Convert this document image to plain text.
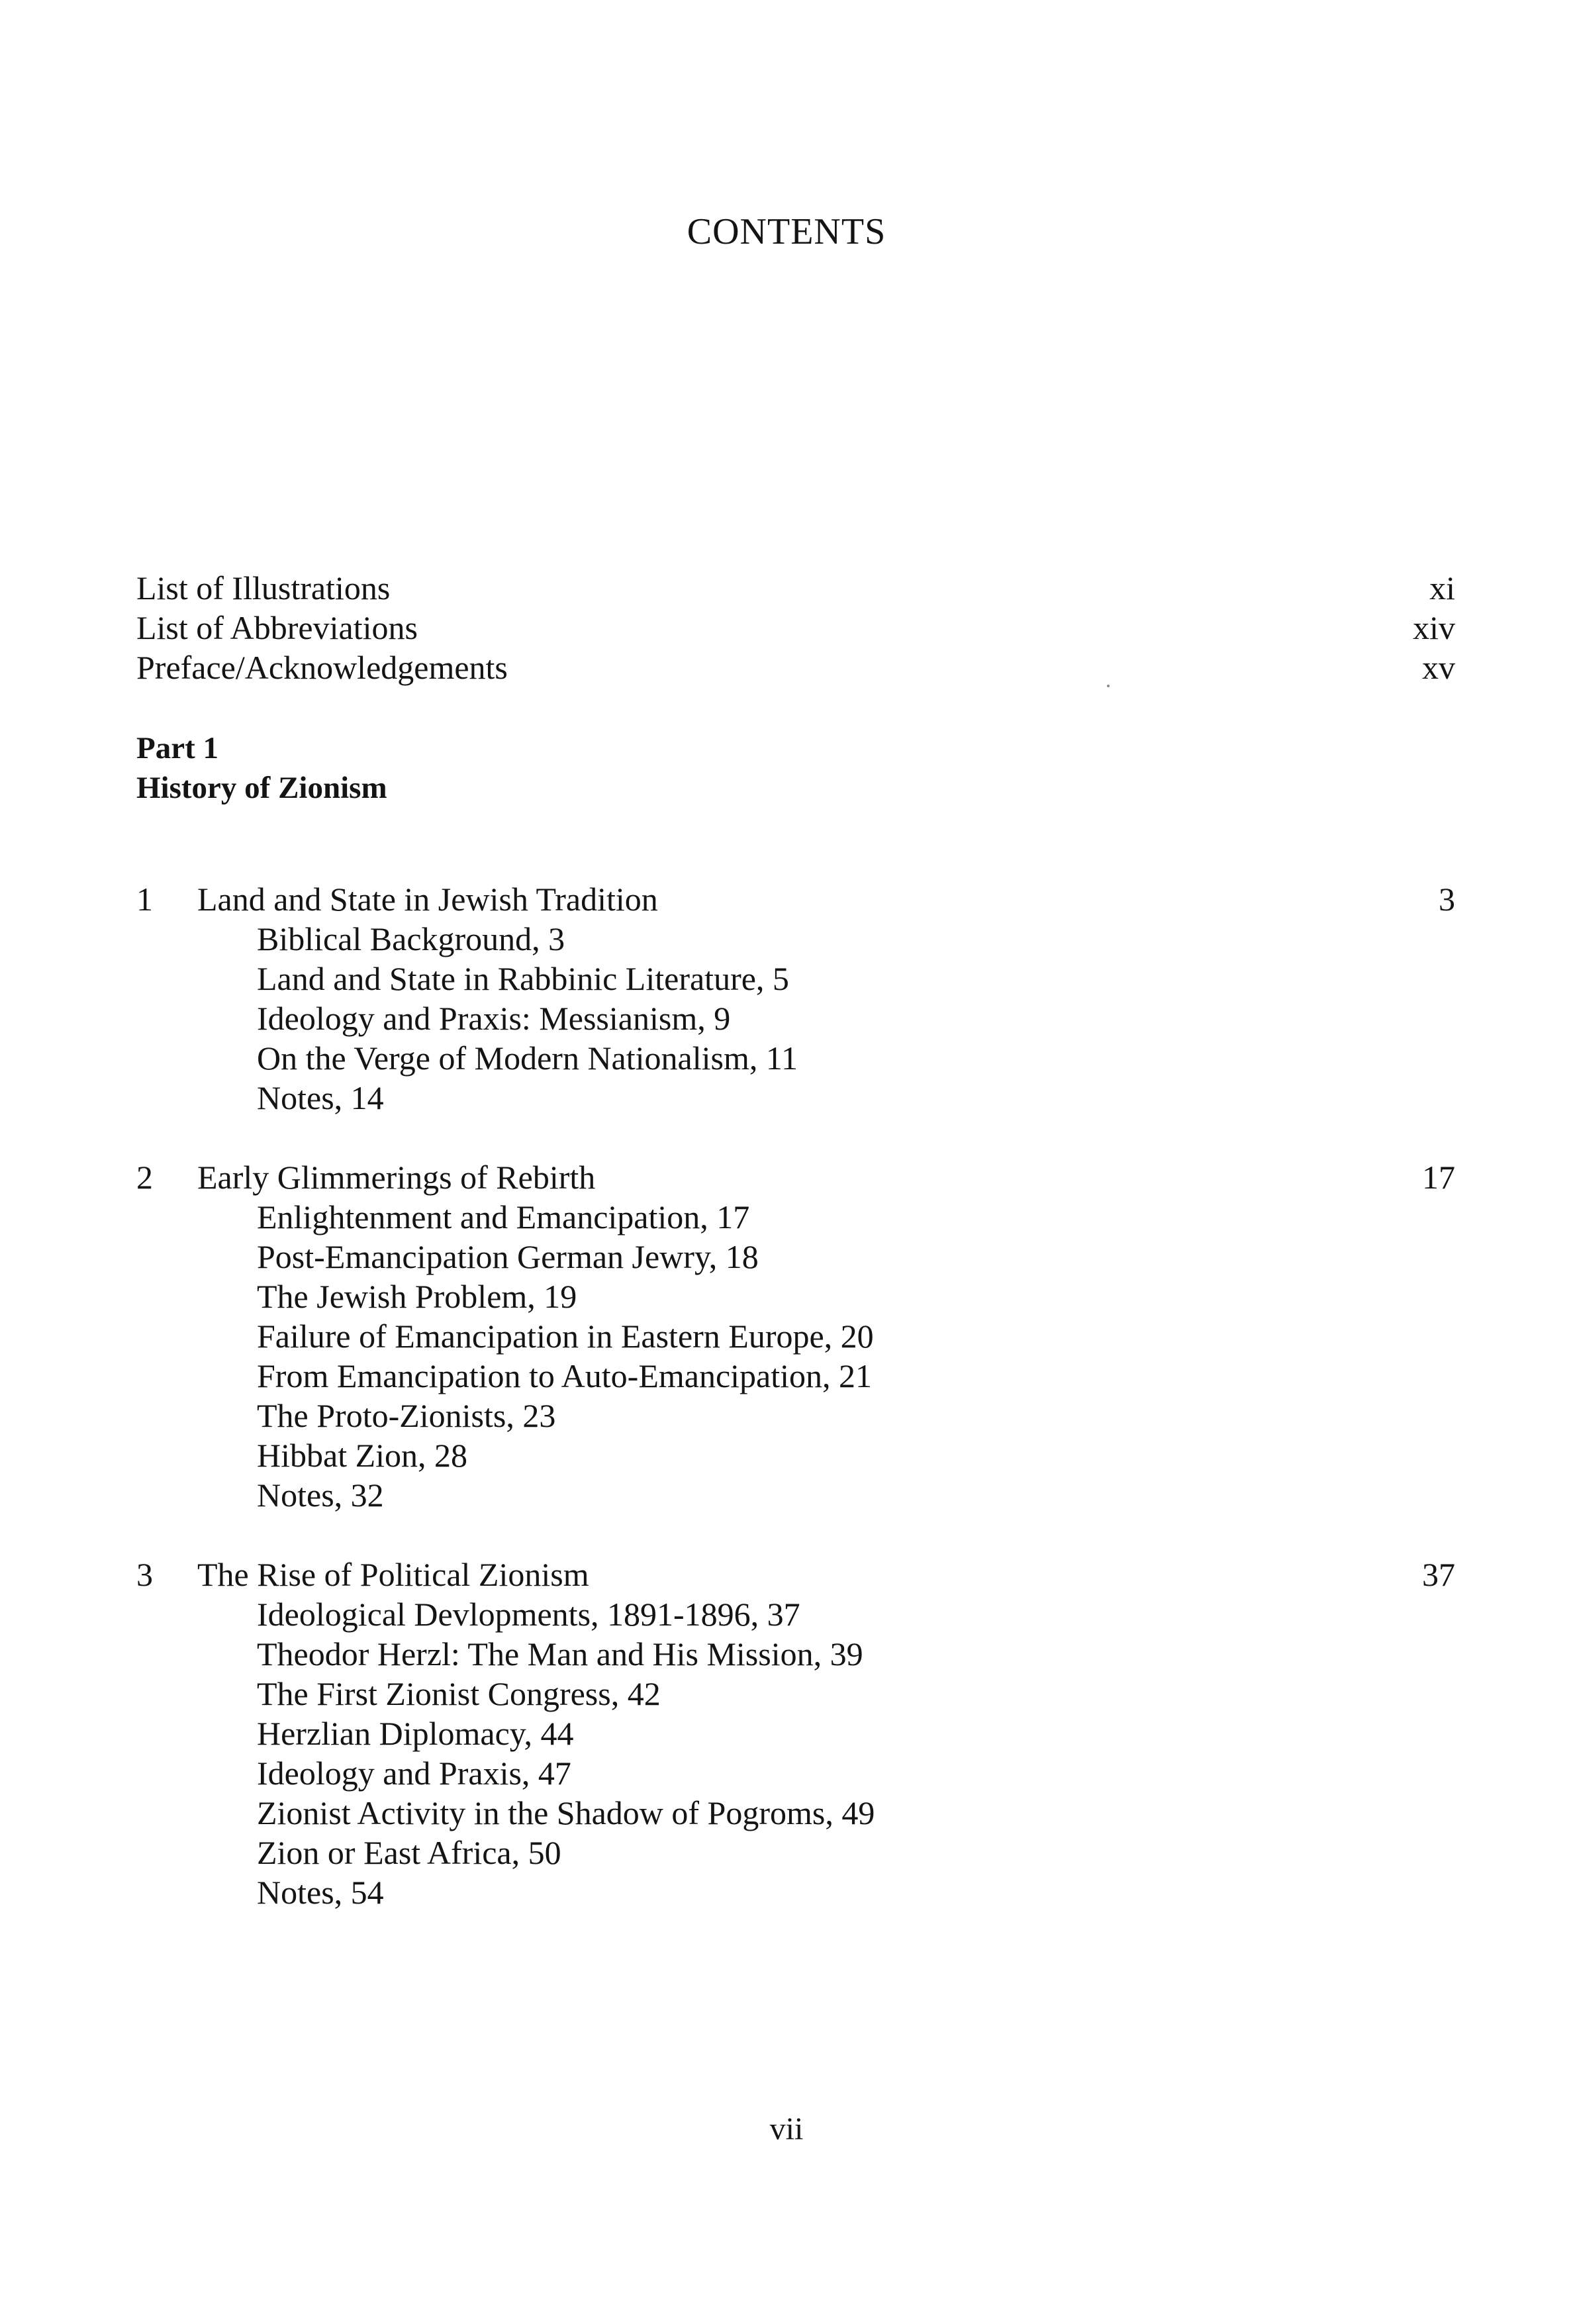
CONTENTS
List of Illustrations	xi
List of Abbreviations	xiv
Preface/Acknowledgements	xv
Part 1
History of Zionism
1	Land and State in Jewish Tradition	3
Biblical Background, 3
Land and State in Rabbinic Literature, 5
Ideology and Praxis: Messianism, 9
On the Verge of Modern Nationalism, 11
Notes, 14
2	Early Glimmerings of Rebirth	17
Enlightenment and Emancipation, 17
Post-Emancipation German Jewry, 18
The Jewish Problem, 19
Failure of Emancipation in Eastern Europe, 20
From Emancipation to Auto-Emancipation, 21
The Proto-Zionists, 23
Hibbat Zion, 28
Notes, 32
3	The Rise of Political Zionism	37
Ideological Devlopments, 1891-1896, 37
Theodor Herzl: The Man and His Mission, 39
The First Zionist Congress, 42
Herzlian Diplomacy, 44
Ideology and Praxis, 47
Zionist Activity in the Shadow of Pogroms, 49
Zion or East Africa, 50
Notes, 54
vii
